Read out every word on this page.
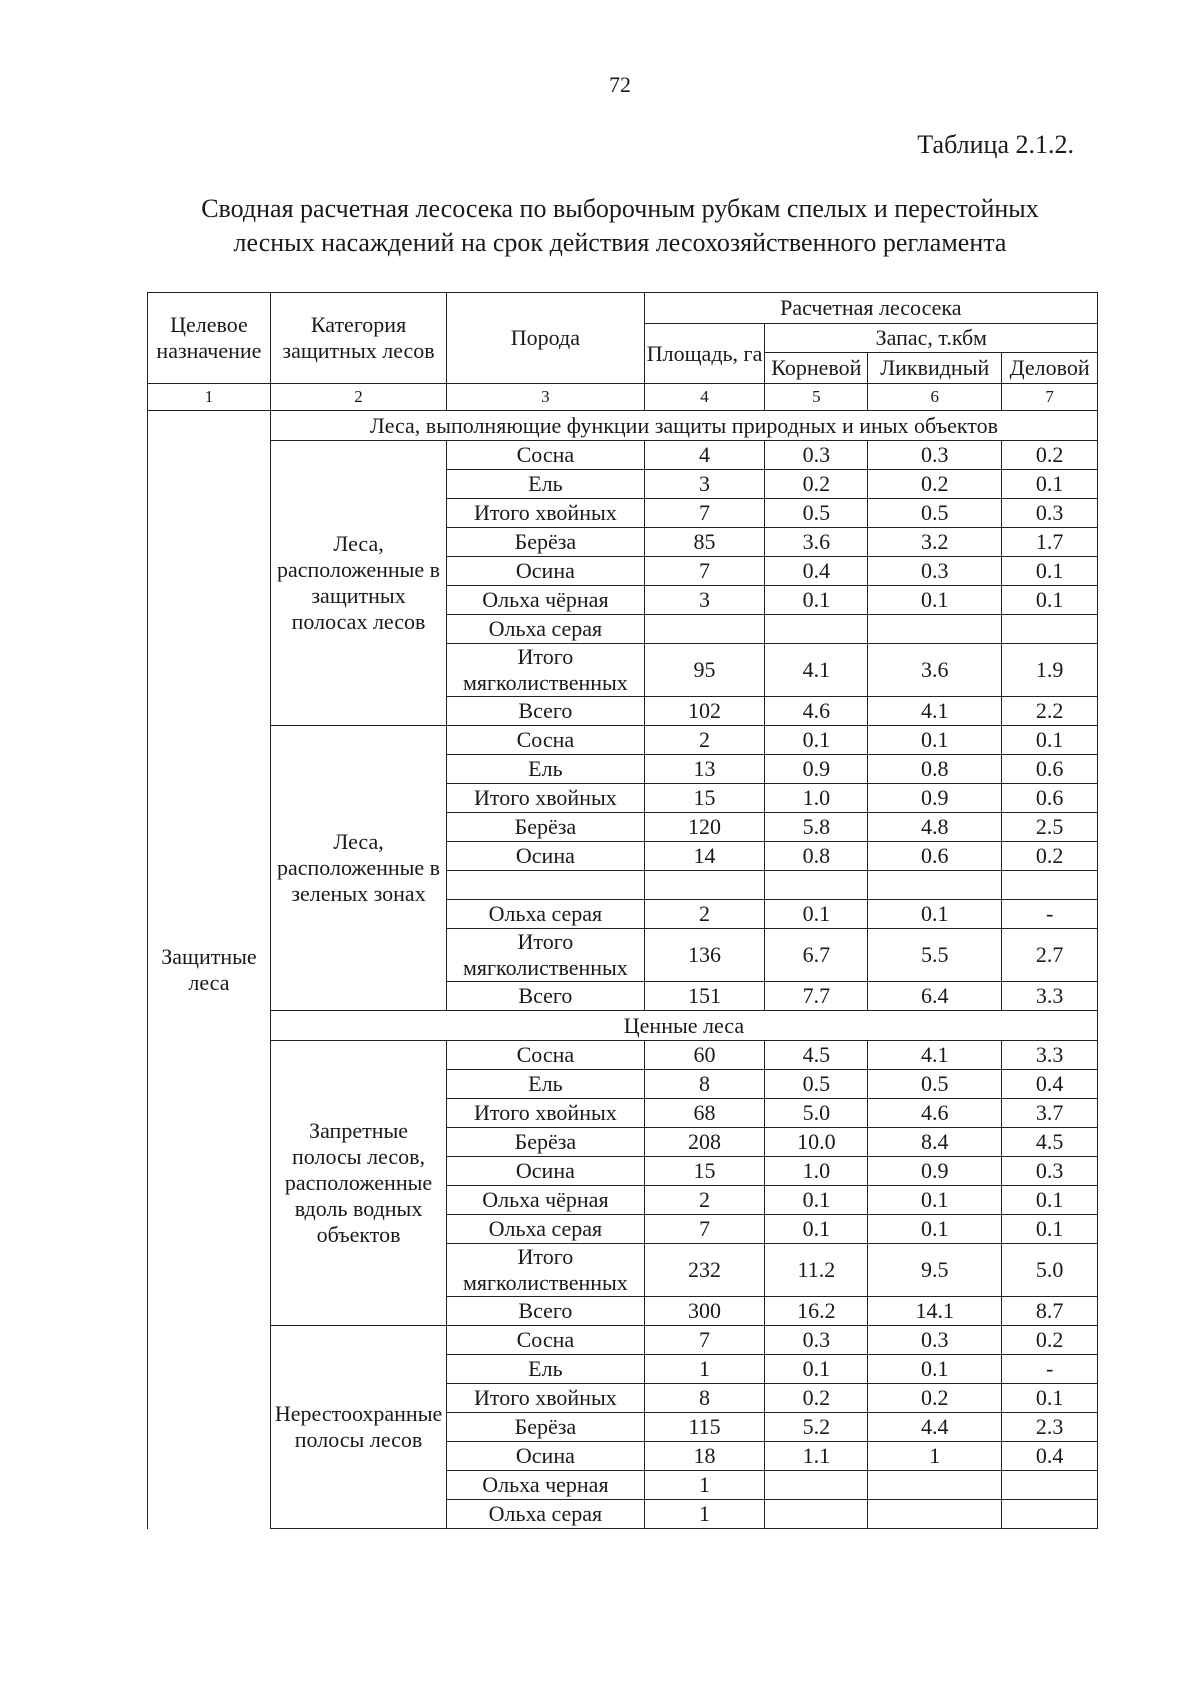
72
Таблица 2.1.2.
Сводная расчетная лесосека по выборочным рубкам спелых и перестойных
лесных насаждений на срок действия лесохозяйственного регламента
Целевое назначение	Категория защитных лесов	Порода	Расчетная лесосека			
			Площадь, га	Запас, т.кбм		
				Корневой	Ликвидный	Деловой
1	2	3	4	5	6	7
Защитные леса	Леса, выполняющие функции защиты природных и иных объектов					
	Леса, расположенные в защитных полосах лесов	Сосна	4	0.3	0.3	0.2
		Ель	3	0.2	0.2	0.1
		Итого хвойных	7	0.5	0.5	0.3
		Берёза	85	3.6	3.2	1.7
		Осина	7	0.4	0.3	0.1
		Ольха чёрная	3	0.1	0.1	0.1
		Ольха серая				
		Итого мягколиственных	95	4.1	3.6	1.9
		Всего	102	4.6	4.1	2.2
	Леса, расположенные в зеленых зонах	Сосна	2	0.1	0.1	0.1
		Ель	13	0.9	0.8	0.6
		Итого хвойных	15	1.0	0.9	0.6
		Берёза	120	5.8	4.8	2.5
		Осина	14	0.8	0.6	0.2

		Ольха серая	2	0.1	0.1	-
		Итого мягколиственных	136	6.7	5.5	2.7
		Всего	151	7.7	6.4	3.3
	Ценные леса					
	Запретные полосы лесов, расположенные вдоль водных объектов	Сосна	60	4.5	4.1	3.3
		Ель	8	0.5	0.5	0.4
		Итого хвойных	68	5.0	4.6	3.7
		Берёза	208	10.0	8.4	4.5
		Осина	15	1.0	0.9	0.3
		Ольха чёрная	2	0.1	0.1	0.1
		Ольха серая	7	0.1	0.1	0.1
		Итого мягколиственных	232	11.2	9.5	5.0
		Всего	300	16.2	14.1	8.7
	Нерестоохранные полосы лесов	Сосна	7	0.3	0.3	0.2
		Ель	1	0.1	0.1	-
		Итого хвойных	8	0.2	0.2	0.1
		Берёза	115	5.2	4.4	2.3
		Осина	18	1.1	1	0.4
		Ольха черная	1			
		Ольха серая	1			
